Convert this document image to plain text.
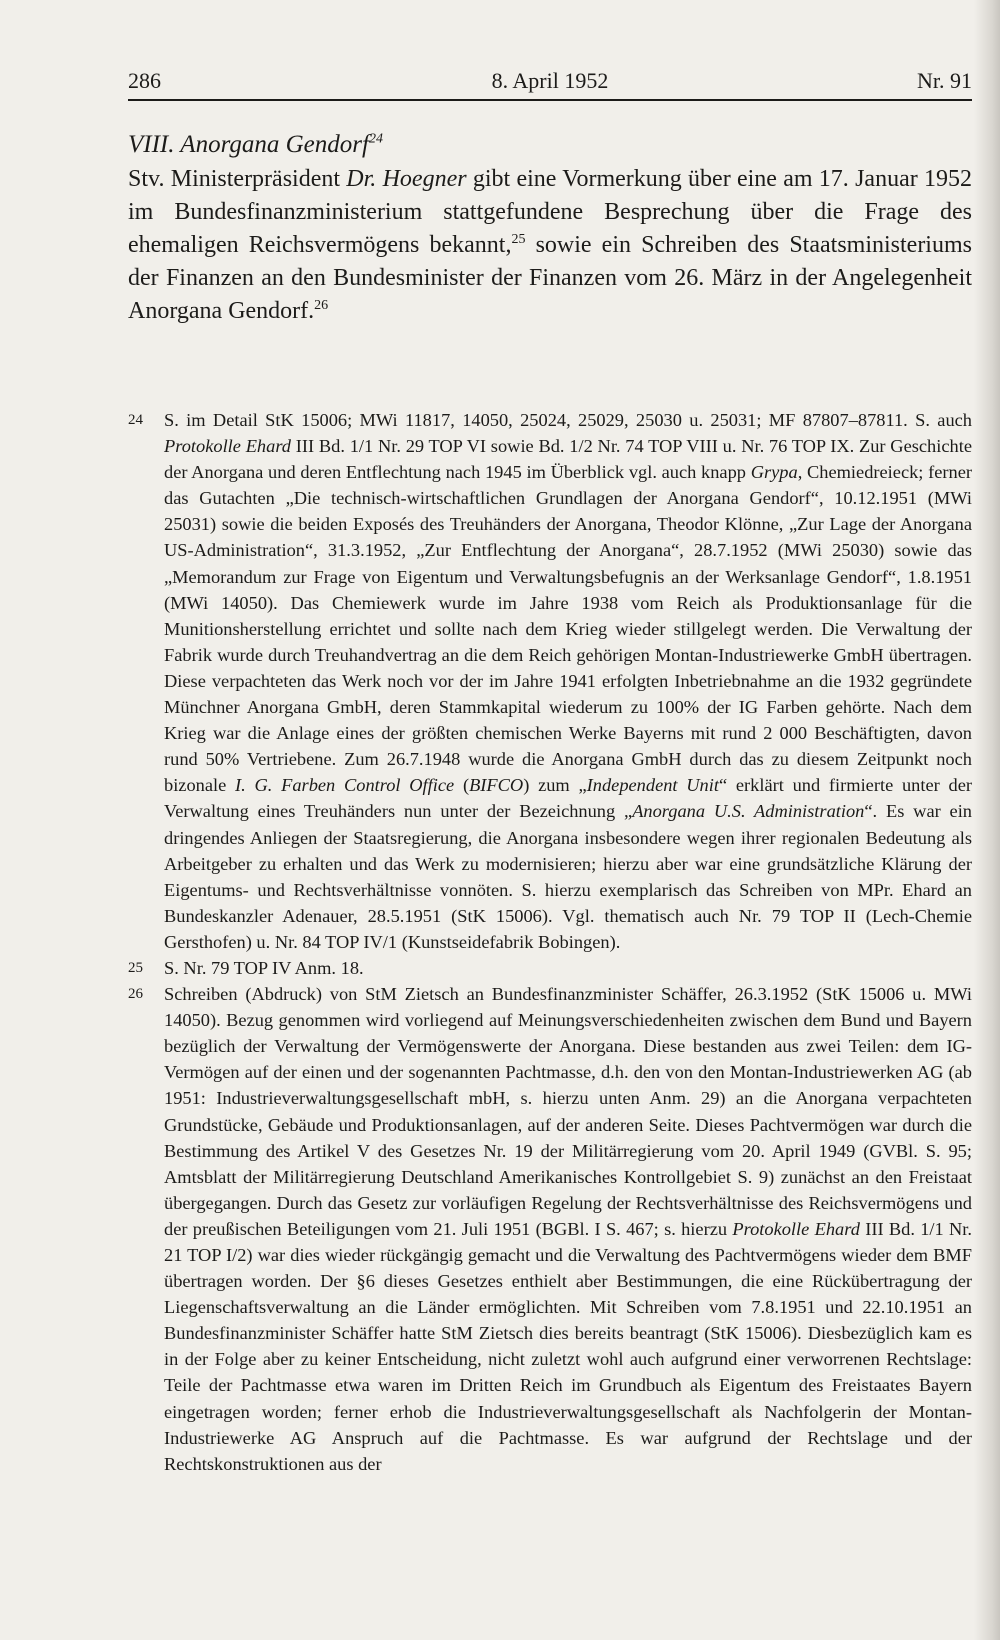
286	8. April 1952	Nr. 91
VIII. Anorgana Gendorf$^{24}$

Stv. Ministerpräsident Dr. Hoegner gibt eine Vormerkung über eine am 17. Januar 1952 im Bundesfinanzministerium stattgefundene Besprechung über die Frage des ehemaligen Reichsvermögens bekannt,$^{25}$ sowie ein Schreiben des Staatsministeriums der Finanzen an den Bundesminister der Finanzen vom 26. März in der Angelegenheit Anorgana Gendorf.$^{26}$

24 S. im Detail StK 15006; MWi 11817, 14050, 25024, 25029, 25030 u. 25031; MF 87807–87811. S. auch Protokolle Ehard III Bd. 1/1 Nr. 29 TOP VI sowie Bd. 1/2 Nr. 74 TOP VIII u. Nr. 76 TOP IX. Zur Geschichte der Anorgana und deren Entflechtung nach 1945 im Überblick vgl. auch knapp Grypa, Chemiedreieck; ferner das Gutachten „Die technisch-wirtschaftlichen Grundlagen der Anorgana Gendorf“, 10.12.1951 (MWi 25031) sowie die beiden Exposés des Treuhänders der Anorgana, Theodor Klönne, „Zur Lage der Anorgana US-Administration“, 31.3.1952, „Zur Entflechtung der Anorgana“, 28.7.1952 (MWi 25030) sowie das „Memorandum zur Frage von Eigentum und Verwaltungsbefugnis an der Werksanlage Gendorf“, 1.8.1951 (MWi 14050). Das Chemiewerk wurde im Jahre 1938 vom Reich als Produktionsanlage für die Munitionsherstellung errichtet und sollte nach dem Krieg wieder stillgelegt werden. Die Verwaltung der Fabrik wurde durch Treuhandvertrag an die dem Reich gehörigen Montan-Industriewerke GmbH übertragen. Diese verpachteten das Werk noch vor der im Jahre 1941 erfolgten Inbetriebnahme an die 1932 gegründete Münchner Anorgana GmbH, deren Stammkapital wiederum zu 100% der IG Farben gehörte. Nach dem Krieg war die Anlage eines der größten chemischen Werke Bayerns mit rund 2 000 Beschäftigten, davon rund 50% Vertriebene. Zum 26.7.1948 wurde die Anorgana GmbH durch das zu diesem Zeitpunkt noch bizonale I. G. Farben Control Office (BIFCO) zum „Independent Unit“ erklärt und firmierte unter der Verwaltung eines Treuhänders nun unter der Bezeichnung „Anorgana U.S. Administration“. Es war ein dringendes Anliegen der Staatsregierung, die Anorgana insbesondere wegen ihrer regionalen Bedeutung als Arbeitgeber zu erhalten und das Werk zu modernisieren; hierzu aber war eine grundsätzliche Klärung der Eigentums- und Rechtsverhältnisse vonnöten. S. hierzu exemplarisch das Schreiben von MPr. Ehard an Bundeskanzler Adenauer, 28.5.1951 (StK 15006). Vgl. thematisch auch Nr. 79 TOP II (Lech-Chemie Gersthofen) u. Nr. 84 TOP IV/1 (Kunstseidefabrik Bobingen).

25 S. Nr. 79 TOP IV Anm. 18.

26 Schreiben (Abdruck) von StM Zietsch an Bundesfinanzminister Schäffer, 26.3.1952 (StK 15006 u. MWi 14050). Bezug genommen wird vorliegend auf Meinungsverschiedenheiten zwischen dem Bund und Bayern bezüglich der Verwaltung der Vermögenswerte der Anorgana. Diese bestanden aus zwei Teilen: dem IG-Vermögen auf der einen und der sogenannten Pachtmasse, d.h. den von den Montan-Industriewerken AG (ab 1951: Industrieverwaltungsgesellschaft mbH, s. hierzu unten Anm. 29) an die Anorgana verpachteten Grundstücke, Gebäude und Produktionsanlagen, auf der anderen Seite. Dieses Pachtvermögen war durch die Bestimmung des Artikel V des Gesetzes Nr. 19 der Militärregierung vom 20. April 1949 (GVBl. S. 95; Amtsblatt der Militärregierung Deutschland Amerikanisches Kontrollgebiet S. 9) zunächst an den Freistaat übergegangen. Durch das Gesetz zur vorläufigen Regelung der Rechtsverhältnisse des Reichsvermögens und der preußischen Beteiligungen vom 21. Juli 1951 (BGBl. I S. 467; s. hierzu Protokolle Ehard III Bd. 1/1 Nr. 21 TOP I/2) war dies wieder rückgängig gemacht und die Verwaltung des Pachtvermögens wieder dem BMF übertragen worden. Der §6 dieses Gesetzes enthielt aber Bestimmungen, die eine Rückübertragung der Liegenschaftsverwaltung an die Länder ermöglichten. Mit Schreiben vom 7.8.1951 und 22.10.1951 an Bundesfinanzminister Schäffer hatte StM Zietsch dies bereits beantragt (StK 15006). Diesbezüglich kam es in der Folge aber zu keiner Entscheidung, nicht zuletzt wohl auch aufgrund einer verworrenen Rechtslage: Teile der Pachtmasse etwa waren im Dritten Reich im Grundbuch als Eigentum des Freistaates Bayern eingetragen worden; ferner erhob die Industrieverwaltungsgesellschaft als Nachfolgerin der Montan-Industriewerke AG Anspruch auf die Pachtmasse. Es war aufgrund der Rechtslage und der Rechtskonstruktionen aus der
